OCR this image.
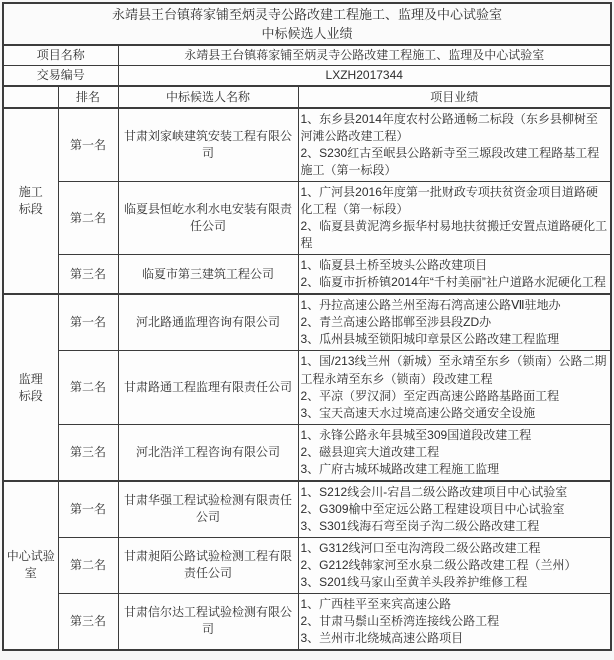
永靖县王台镇蒋家铺至炳灵寺公路改建工程施工、监理及中心试验室
中标候选人业绩			

项目名称		永靖县王台镇蒋家铺至炳灵寺公路改建工程施工、监理及中心试验室	
交易编号		LXZH2017344	
	排名	中标候选人名称	项目业绩

施工
标段
	第一名	甘肃刘家峡建筑安装工程有限公司	
1、东乡县2014年度农村公路通畅二标段（东乡县柳树至河滩公路改建工程）
2、S230红古至岷县公路新寺至三塬段改建工程路基工程施工（第一标段）

	第二名	临夏县恒屹水利水电安装有限责任公司	1、广河县2016年度第一批财政专项扶贫资金项目道路硬化工程（第一标段）
2、临夏县黄泥湾乡振华村易地扶贫搬迁安置点道路硬化工程

	第三名	临夏市第三建筑工程公司	1、临夏县土桥至坡头公路改建项目
2、临夏市折桥镇2014年“千村美丽”社户道路水泥硬化工程

监理
标段
	第一名	河北路通监理咨询有限公司	
1、丹拉高速公路兰州至海石湾高速公路Ⅶ驻地办
2、青兰高速公路邯郸至涉县段ZD办
3、瓜州县城至锁阳城印章景区公路改建工程监理

	第二名	甘肃路通工程监理有限责任公司	1、国/213线兰州（新城）至永靖至东乡（锁南）公路二期工程永靖至东乡（锁南）段改建工程
2、平凉（罗汉洞）至定西高速公路路基路面工程
3、宝天高速天水过境高速公路交通安全设施

	第三名	河北浩洋工程咨询有限公司	1、永锋公路永年县城至309国道段改建工程
2、磁县迎宾大道改建工程
3、广府古城环城路改建工程施工监理

中心试验
室
	第一名	甘肃华强工程试验检测有限责任公司	
1、S212线会川-宕昌二级公路改建项目中心试验室
2、G309榆中至定远公路工程建设项目中心试验室
3、S301线海石弯至岗子沟二级公路改建工程

	第二名	甘肃昶陌公路试验检测工程有限责任公司	1、G312线河口至屯沟湾段二级公路改建工程
2、G212线韩家河至水泉二级公路改建工程（兰州）
3、S201线马家山至黄羊头段养护维修工程

	第三名	甘肃信尔达工程试验检测有限公司	1、广西桂平至来宾高速公路
2、甘肃马鬃山至桥湾连接线公路工程
3、兰州市北绕城高速公路项目
